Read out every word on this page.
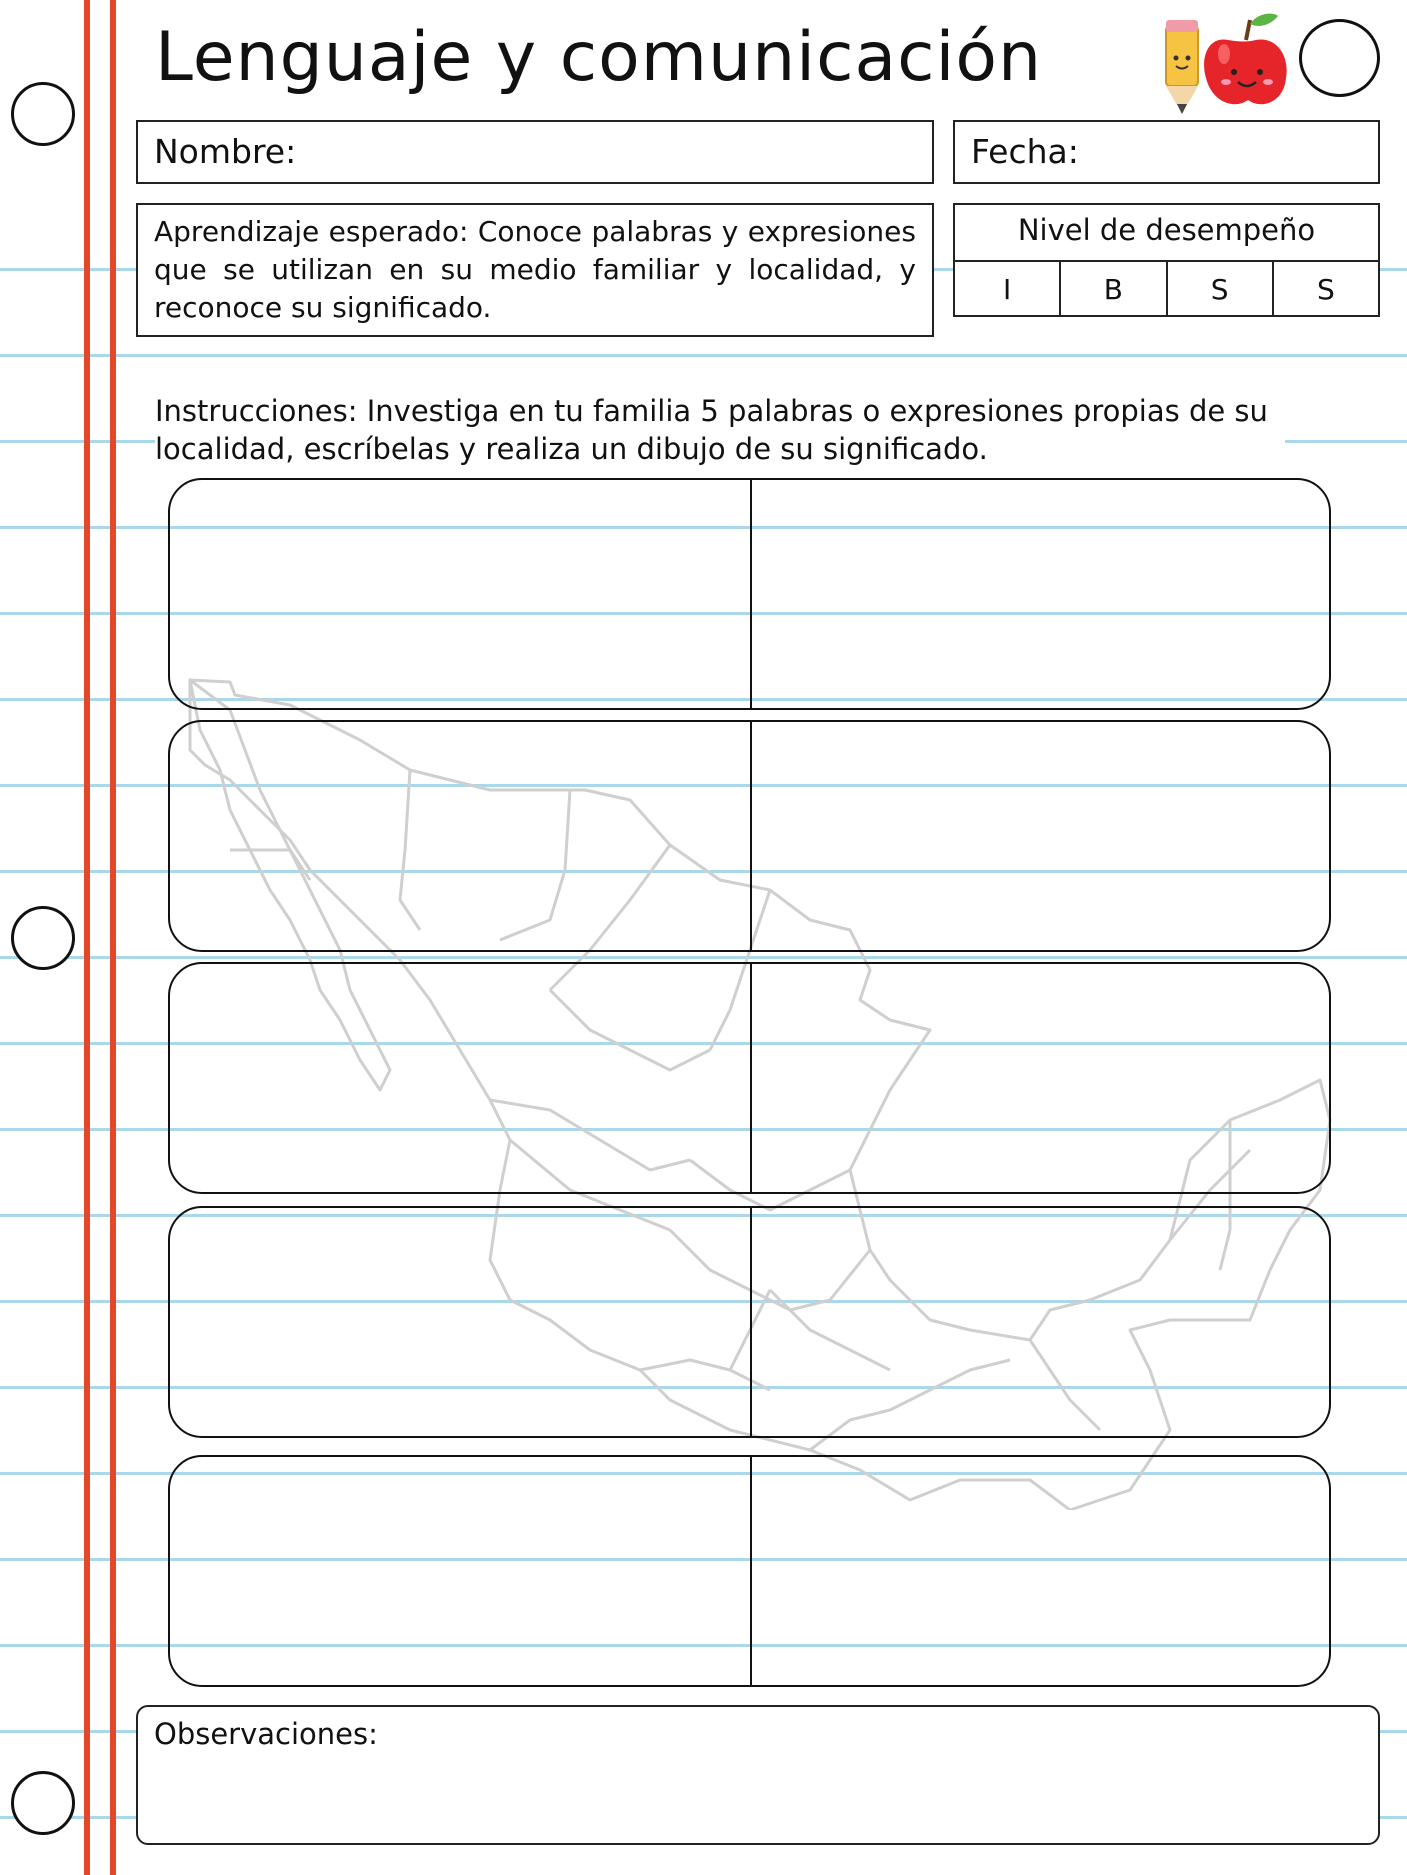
Lenguaje y comunicación
Nombre:	Fecha:
Aprendizaje esperado: Conoce palabras y expresiones que se utilizan en su medio familiar y localidad, y reconoce su significado.
Nivel de desempeño
I	B	S	S
Instrucciones: Investiga en tu familia 5 palabras o expresiones propias de su localidad, escríbelas y realiza un dibujo de su significado.
Observaciones:
